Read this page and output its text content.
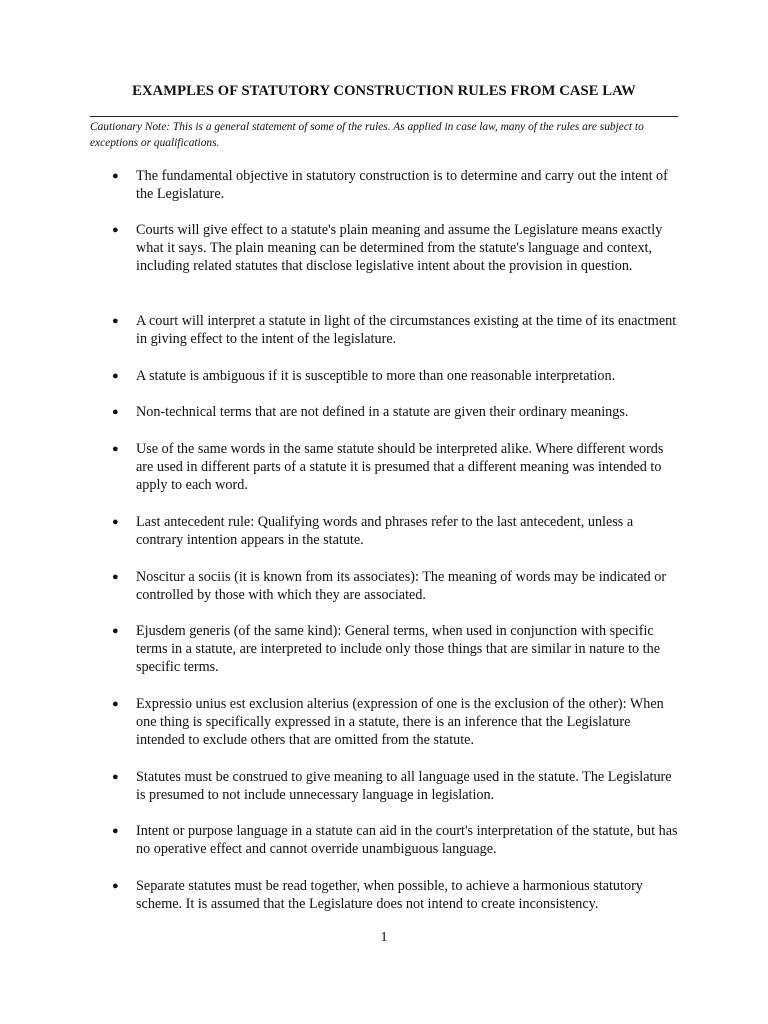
EXAMPLES OF STATUTORY CONSTRUCTION RULES FROM CASE LAW
Cautionary Note: This is a general statement of some of the rules. As applied in case law, many of the rules are subject to exceptions or qualifications.
● The fundamental objective in statutory construction is to determine and carry out the intent of the Legislature.
● Courts will give effect to a statute's plain meaning and assume the Legislature means exactly what it says. The plain meaning can be determined from the statute's language and context, including related statutes that disclose legislative intent about the provision in question.
● A court will interpret a statute in light of the circumstances existing at the time of its enactment in giving effect to the intent of the legislature.
● A statute is ambiguous if it is susceptible to more than one reasonable interpretation.
● Non-technical terms that are not defined in a statute are given their ordinary meanings.
● Use of the same words in the same statute should be interpreted alike. Where different words are used in different parts of a statute it is presumed that a different meaning was intended to apply to each word.
● Last antecedent rule: Qualifying words and phrases refer to the last antecedent, unless a contrary intention appears in the statute.
● Noscitur a sociis (it is known from its associates): The meaning of words may be indicated or controlled by those with which they are associated.
● Ejusdem generis (of the same kind): General terms, when used in conjunction with specific terms in a statute, are interpreted to include only those things that are similar in nature to the specific terms.
● Expressio unius est exclusion alterius (expression of one is the exclusion of the other): When one thing is specifically expressed in a statute, there is an inference that the Legislature intended to exclude others that are omitted from the statute.
● Statutes must be construed to give meaning to all language used in the statute. The Legislature is presumed to not include unnecessary language in legislation.
● Intent or purpose language in a statute can aid in the court's interpretation of the statute, but has no operative effect and cannot override unambiguous language.
● Separate statutes must be read together, when possible, to achieve a harmonious statutory scheme. It is assumed that the Legislature does not intend to create inconsistency.
1
